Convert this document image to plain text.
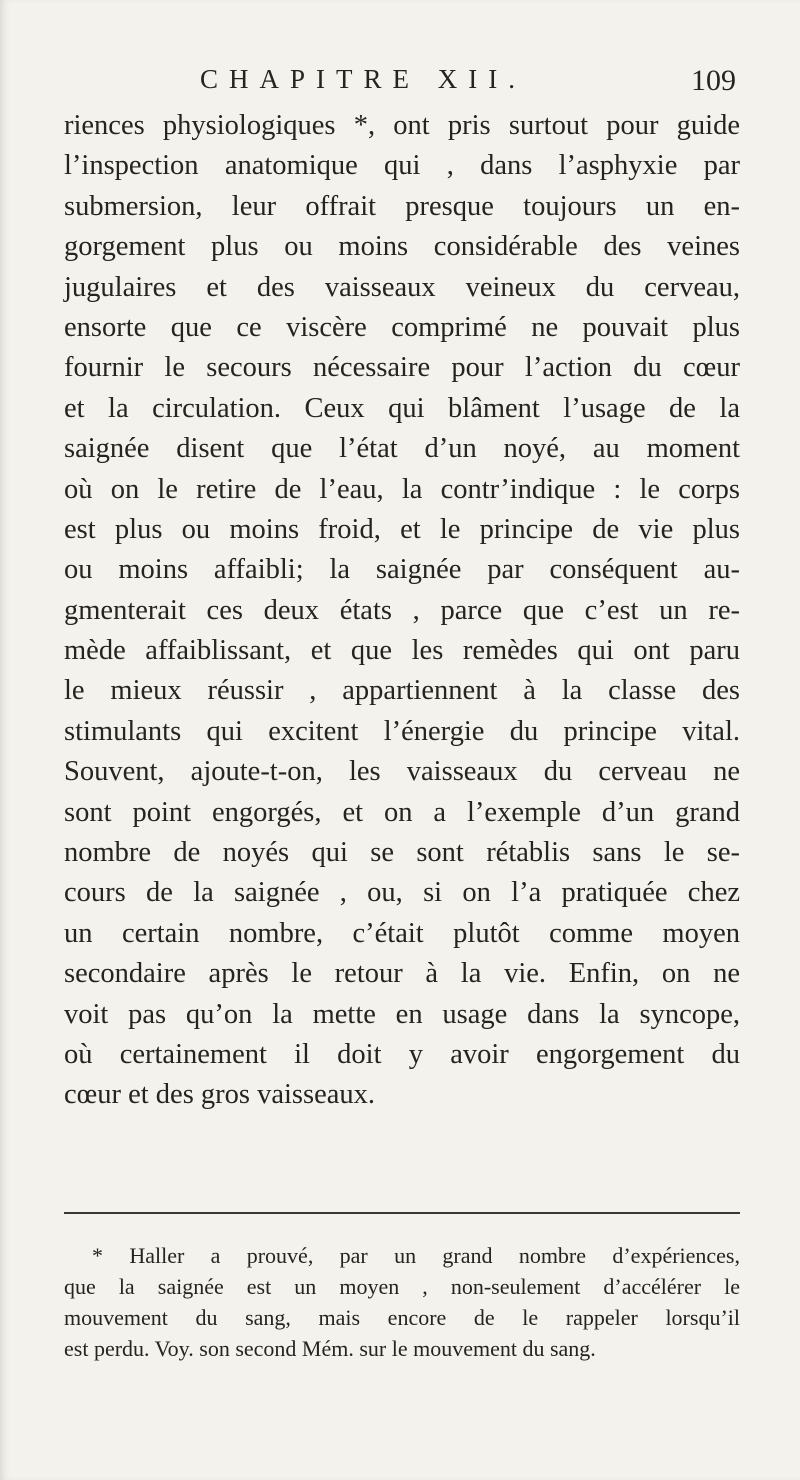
CHAPITRE XII.	109
riences physiologiques *, ont pris surtout pour guide
l’inspection anatomique qui , dans l’asphyxie par
submersion, leur offrait presque toujours un en-
gorgement plus ou moins considérable des veines
jugulaires et des vaisseaux veineux du cerveau,
ensorte que ce viscère comprimé ne pouvait plus
fournir le secours nécessaire pour l’action du cœur
et la circulation. Ceux qui blâment l’usage de la
saignée disent que l’état d’un noyé, au moment
où on le retire de l’eau, la contr’indique : le corps
est plus ou moins froid, et le principe de vie plus
ou moins affaibli; la saignée par conséquent au-
gmenterait ces deux états , parce que c’est un re-
mède affaiblissant, et que les remèdes qui ont paru
le mieux réussir , appartiennent à la classe des
stimulants qui excitent l’énergie du principe vital.
Souvent, ajoute-t-on, les vaisseaux du cerveau ne
sont point engorgés, et on a l’exemple d’un grand
nombre de noyés qui se sont rétablis sans le se-
cours de la saignée , ou, si on l’a pratiquée chez
un certain nombre, c’était plutôt comme moyen
secondaire après le retour à la vie. Enfin, on ne
voit pas qu’on la mette en usage dans la syncope,
où certainement il doit y avoir engorgement du
cœur et des gros vaisseaux.
* Haller a prouvé, par un grand nombre d’expériences,
que la saignée est un moyen , non-seulement d’accélérer le
mouvement du sang, mais encore de le rappeler lorsqu’il
est perdu. Voy. son second Mém. sur le mouvement du sang.
